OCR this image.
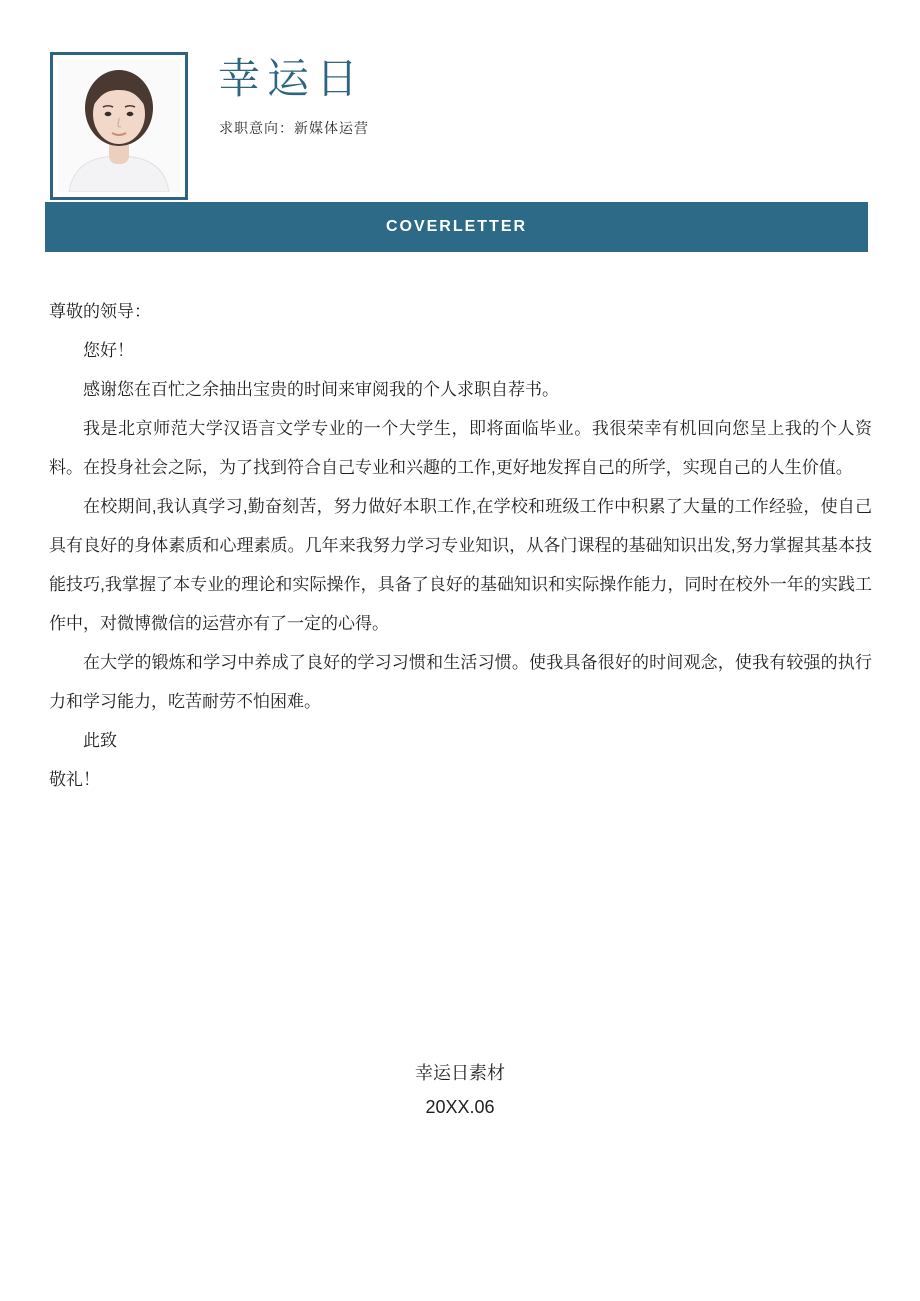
幸运日
求职意向：新媒体运营
COVERLETTER

尊敬的领导：

您好！

感谢您在百忙之余抽出宝贵的时间来审阅我的个人求职自荐书。

我是北京师范大学汉语言文学专业的一个大学生，即将面临毕业。我很荣幸有机回向您呈上我的个人资料。在投身社会之际，为了找到符合自己专业和兴趣的工作,更好地发挥自己的所学，实现自己的人生价值。

在校期间,我认真学习,勤奋刻苦，努力做好本职工作,在学校和班级工作中积累了大量的工作经验，使自己具有良好的身体素质和心理素质。几年来我努力学习专业知识，从各门课程的基础知识出发,努力掌握其基本技能技巧,我掌握了本专业的理论和实际操作，具备了良好的基础知识和实际操作能力，同时在校外一年的实践工作中，对微博微信的运营亦有了一定的心得。

在大学的锻炼和学习中养成了良好的学习习惯和生活习惯。使我具备很好的时间观念，使我有较强的执行力和学习能力，吃苦耐劳不怕困难。

此致

敬礼！

幸运日素材
20XX.06
